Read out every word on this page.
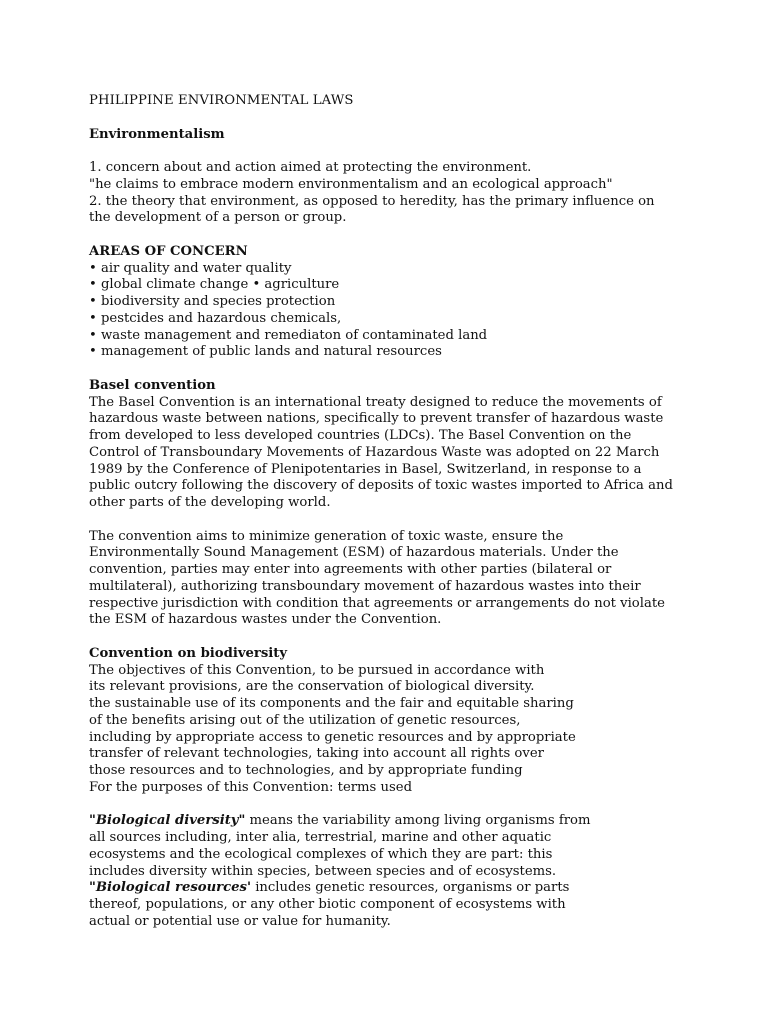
PHILIPPINE ENVIRONMENTAL LAWS
Environmentalism
1. concern about and action aimed at protecting the environment.
"he claims to embrace modern environmentalism and an ecological approach"
2. the theory that environment, as opposed to heredity, has the primary influence on
the development of a person or group.
AREAS OF CONCERN
• air quality and water quality
• global climate change • agriculture
• biodiversity and species protection
• pestcides and hazardous chemicals,
• waste management and remediaton of contaminated land
• management of public lands and natural resources
Basel convention
The Basel Convention is an international treaty designed to reduce the movements of
hazardous waste between nations, specifically to prevent transfer of hazardous waste
from developed to less developed countries (LDCs). The Basel Convention on the
Control of Transboundary Movements of Hazardous Waste was adopted on 22 March
1989 by the Conference of Plenipotentaries in Basel, Switzerland, in response to a
public outcry following the discovery of deposits of toxic wastes imported to Africa and
other parts of the developing world.
The convention aims to minimize generation of toxic waste, ensure the
Environmentally Sound Management (ESM) of hazardous materials. Under the
convention, parties may enter into agreements with other parties (bilateral or
multilateral), authorizing transboundary movement of hazardous wastes into their
respective jurisdiction with condition that agreements or arrangements do not violate
the ESM of hazardous wastes under the Convention.
Convention on biodiversity
The objectives of this Convention, to be pursued in accordance with
its relevant provisions, are the conservation of biological diversity.
the sustainable use of its components and the fair and equitable sharing
of the benefits arising out of the utilization of genetic resources,
including by appropriate access to genetic resources and by appropriate
transfer of relevant technologies, taking into account all rights over
those resources and to technologies, and by appropriate funding
For the purposes of this Convention: terms used
"Biological diversity" means the variability among living organisms from
all sources including, inter alia, terrestrial, marine and other aquatic
ecosystems and the ecological complexes of which they are part: this
includes diversity within species, between species and of ecosystems.
"Biological resources' includes genetic resources, organisms or parts
thereof, populations, or any other biotic component of ecosystems with
actual or potential use or value for humanity.
